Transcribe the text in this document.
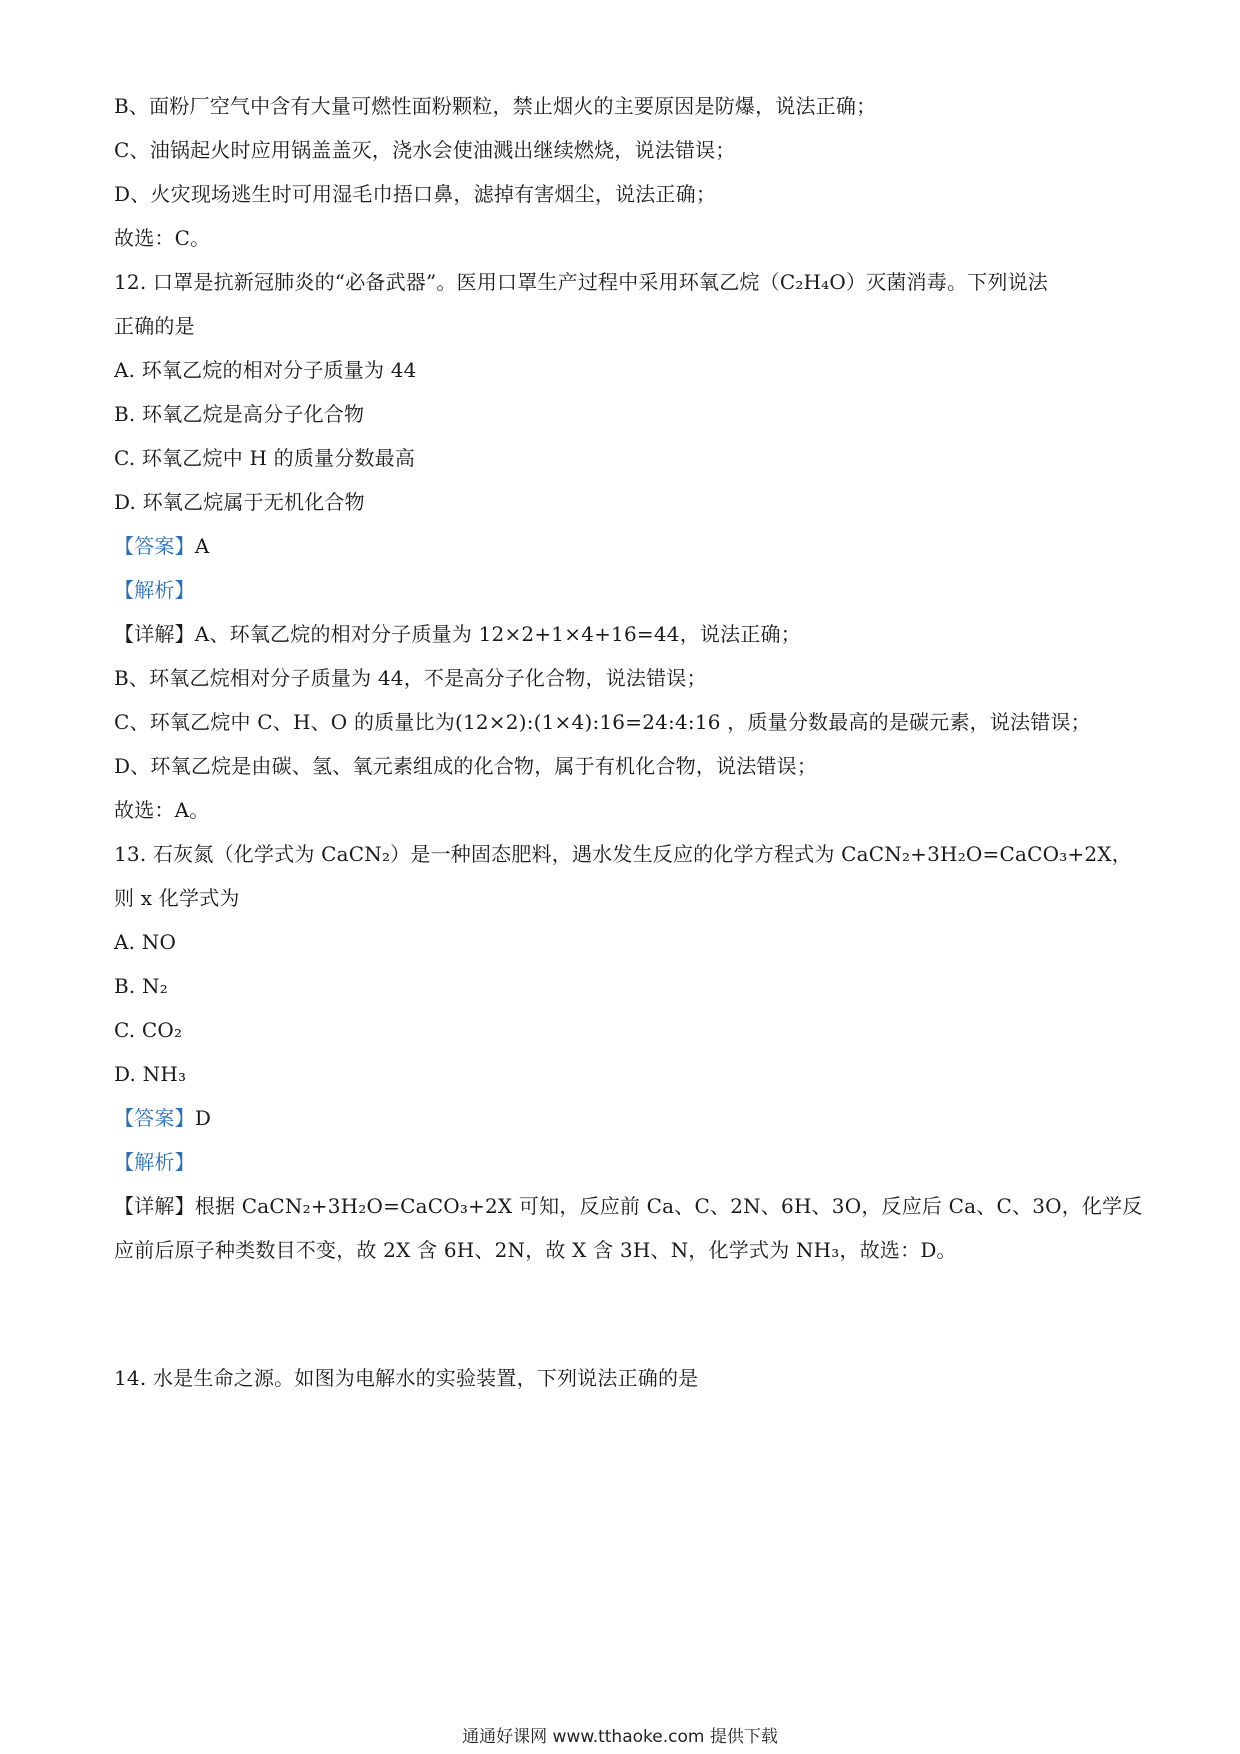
B、面粉厂空气中含有大量可燃性面粉颗粒，禁止烟火的主要原因是防爆，说法正确；
C、油锅起火时应用锅盖盖灭，浇水会使油溅出继续燃烧，说法错误；
D、火灾现场逃生时可用湿毛巾捂口鼻，滤掉有害烟尘，说法正确；
故选：C。
12. 口罩是抗新冠肺炎的“必备武器”。医用口罩生产过程中采用环氧乙烷（C₂H₄O）灭菌消毒。下列说法
正确的是
A. 环氧乙烷的相对分子质量为 44
B. 环氧乙烷是高分子化合物
C. 环氧乙烷中 H 的质量分数最高
D. 环氧乙烷属于无机化合物
【答案】A
【解析】
【详解】A、环氧乙烷的相对分子质量为 12×2+1×4+16=44，说法正确；
B、环氧乙烷相对分子质量为 44，不是高分子化合物，说法错误；
C、环氧乙烷中 C、H、O 的质量比为(12×2):(1×4):16=24:4:16 ，质量分数最高的是碳元素，说法错误；
D、环氧乙烷是由碳、氢、氧元素组成的化合物，属于有机化合物，说法错误；
故选：A。
13. 石灰氮（化学式为 CaCN₂）是一种固态肥料，遇水发生反应的化学方程式为 CaCN₂+3H₂O=CaCO₃+2X，
则 x 化学式为
A. NO
B. N₂
C. CO₂
D. NH₃
【答案】D
【解析】
【详解】根据 CaCN₂+3H₂O=CaCO₃+2X 可知，反应前 Ca、C、2N、6H、3O，反应后 Ca、C、3O，化学反
应前后原子种类数目不变，故 2X 含 6H、2N，故 X 含 3H、N，化学式为 NH₃，故选：D。
14. 水是生命之源。如图为电解水的实验装置，下列说法正确的是
通通好课网 www.tthaoke.com 提供下载
